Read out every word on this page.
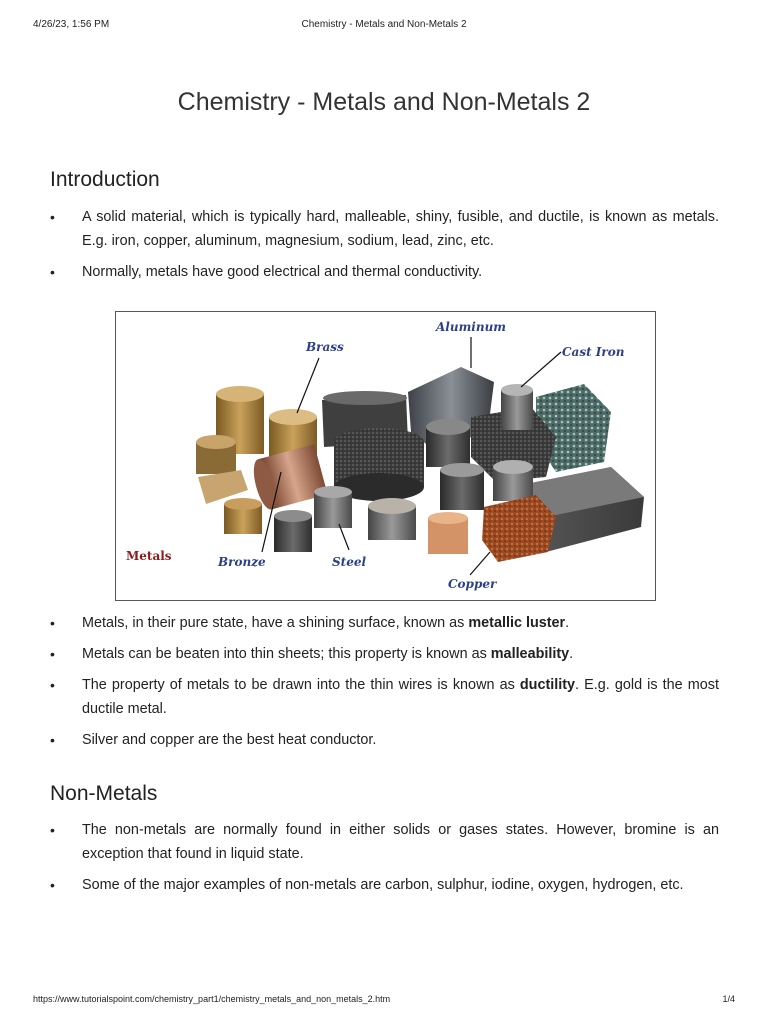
4/26/23, 1:56 PM	Chemistry - Metals and Non-Metals 2
Chemistry - Metals and Non-Metals 2
Introduction
• A solid material, which is typically hard, malleable, shiny, fusible, and ductile, is known as metals. E.g. iron, copper, aluminum, magnesium, sodium, lead, zinc, etc.
• Normally, metals have good electrical and thermal conductivity.
Aluminum
Brass	Cast Iron
Metals	Bronze	Steel
Copper
• Metals, in their pure state, have a shining surface, known as metallic luster.
• Metals can be beaten into thin sheets; this property is known as malleability.
• The property of metals to be drawn into the thin wires is known as ductility. E.g. gold is the most ductile metal.
• Silver and copper are the best heat conductor.
Non-Metals
• The non-metals are normally found in either solids or gases states. However, bromine is an exception that found in liquid state.
• Some of the major examples of non-metals are carbon, sulphur, iodine, oxygen, hydrogen, etc.
https://www.tutorialspoint.com/chemistry_part1/chemistry_metals_and_non_metals_2.htm	1/4
